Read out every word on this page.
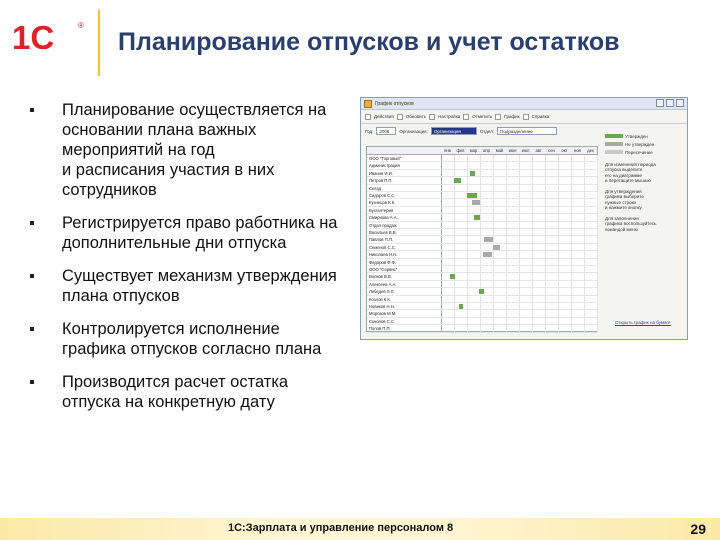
1С	®
Планирование отпусков и учет остатков
Планирование осуществляется на основании плана важных мероприятий на год
и расписания участия в них сотрудников
Регистрируется право работника на дополнительные дни отпуска
Существует механизм утверждения плана отпусков
Контролируется исполнение графика отпусков согласно плана
Производится расчет остатка отпуска на конкретную дату
График отпусков
Действия	Обновить	Настройка	Отметить	График	Справка
Год:	2008	Организация:	Организация	Отдел:	Подразделение
янв	фев	мар	апр	май	июн	июл	авг	сен	окт	ноя	дек
ООО "Торговый"
Администрация
Иванов И.И.
Петров П.П.
Склад
Сидоров С.С.
Кузнецов К.К.
Бухгалтерия
Смирнова А.А.
Отдел продаж
Васильев В.В.
Павлов П.П.
Семенов С.С.
Николаев Н.Н.
Федоров Ф.Ф.
ООО "Сервис"
Волков В.В.
Алексеев А.А.
Лебедев Л.Л.
Козлов К.К.
Новиков Н.Н.
Морозов М.М.
Соколов С.С.
Попов П.П.
Утвержден
Не утвержден
Пересечение
Для изменения периода
отпуска выделите
его на диаграмме
и перетащите мышью

Для утверждения
графика выберите
нужные строки
и нажмите кнопку

Для заполнения
графика воспользуйтесь
командой меню
Открыть график на бумаге
1С:Зарплата и управление персоналом 8	29
